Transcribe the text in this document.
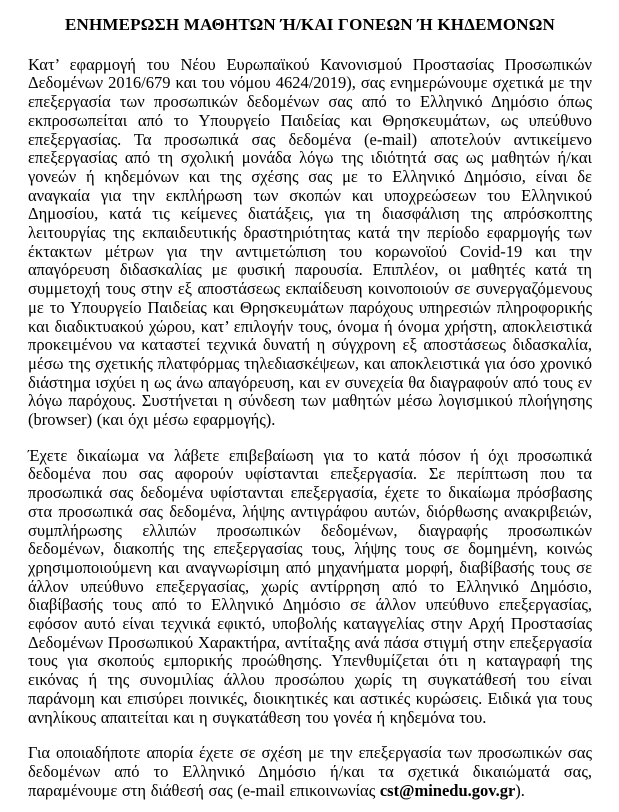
ΕΝΗΜΕΡΩΣΗ ΜΑΘΗΤΩΝ Ή/ΚΑΙ ΓΟΝΕΩΝ Ή ΚΗΔΕΜΟΝΩΝ

Κατ’ εφαρμογή του Νέου Ευρωπαϊκού Κανονισμού Προστασίας Προσωπικών Δεδομένων 2016/679 και του νόμου 4624/2019), σας ενημερώνουμε σχετικά με την επεξεργασία των προσωπικών δεδομένων σας από το Ελληνικό Δημόσιο όπως εκπροσωπείται από το Υπουργείο Παιδείας και Θρησκευμάτων, ως υπεύθυνο επεξεργασίας. Τα προσωπικά σας δεδομένα (e-mail) αποτελούν αντικείμενο επεξεργασίας από τη σχολική μονάδα λόγω της ιδιότητά σας ως μαθητών ή/και γονεών ή κηδεμόνων και της σχέσης σας με το Ελληνικό Δημόσιο, είναι δε αναγκαία για την εκπλήρωση των σκοπών και υποχρεώσεων του Ελληνικού Δημοσίου, κατά τις κείμενες διατάξεις, για τη διασφάλιση της απρόσκοπτης λειτουργίας της εκπαιδευτικής δραστηριότητας κατά την περίοδο εφαρμογής των έκτακτων μέτρων για την αντιμετώπιση του κορωνοϊού Covid-19 και την απαγόρευση διδασκαλίας με φυσική παρουσία. Επιπλέον, οι μαθητές κατά τη συμμετοχή τους στην εξ αποστάσεως εκπαίδευση κοινοποιούν σε συνεργαζόμενους με το Υπουργείο Παιδείας και Θρησκευμάτων παρόχους υπηρεσιών πληροφορικής και διαδικτυακού χώρου, κατ’ επιλογήν τους, όνομα ή όνομα χρήστη, αποκλειστικά προκειμένου να καταστεί τεχνικά δυνατή η σύγχρονη εξ αποστάσεως διδασκαλία, μέσω της σχετικής πλατφόρμας τηλεδιασκέψεων, και αποκλειστικά για όσο χρονικό διάστημα ισχύει η ως άνω απαγόρευση, και εν συνεχεία θα διαγραφούν από τους εν λόγω παρόχους. Συστήνεται η σύνδεση των μαθητών μέσω λογισμικού πλοήγησης (browser) (και όχι μέσω εφαρμογής).

Έχετε δικαίωμα να λάβετε επιβεβαίωση για το κατά πόσον ή όχι προσωπικά δεδομένα που σας αφορούν υφίστανται επεξεργασία. Σε περίπτωση που τα προσωπικά σας δεδομένα υφίστανται επεξεργασία, έχετε το δικαίωμα πρόσβασης στα προσωπικά σας δεδομένα, λήψης αντιγράφου αυτών, διόρθωσης ανακριβειών, συμπλήρωσης ελλιπών προσωπικών δεδομένων, διαγραφής προσωπικών δεδομένων, διακοπής της επεξεργασίας τους, λήψης τους σε δομημένη, κοινώς χρησιμοποιούμενη και αναγνωρίσιμη από μηχανήματα μορφή, διαβίβασής τους σε άλλον υπεύθυνο επεξεργασίας, χωρίς αντίρρηση από το Ελληνικό Δημόσιο, διαβίβασής τους από το Ελληνικό Δημόσιο σε άλλον υπεύθυνο επεξεργασίας, εφόσον αυτό είναι τεχνικά εφικτό, υποβολής καταγγελίας στην Αρχή Προστασίας Δεδομένων Προσωπικού Χαρακτήρα, αντίταξης ανά πάσα στιγμή στην επεξεργασία τους για σκοπούς εμπορικής προώθησης. Υπενθυμίζεται ότι η καταγραφή της εικόνας ή της συνομιλίας άλλου προσώπου χωρίς τη συγκατάθεσή του είναι παράνομη και επισύρει ποινικές, διοικητικές και αστικές κυρώσεις. Ειδικά για τους ανηλίκους απαιτείται και η συγκατάθεση του γονέα ή κηδεμόνα του.

Για οποιαδήποτε απορία έχετε σε σχέση με την επεξεργασία των προσωπικών σας δεδομένων από το Ελληνικό Δημόσιο ή/και τα σχετικά δικαιώματά σας, παραμένουμε στη διάθεσή σας (e-mail επικοινωνίας cst@minedu.gov.gr).
